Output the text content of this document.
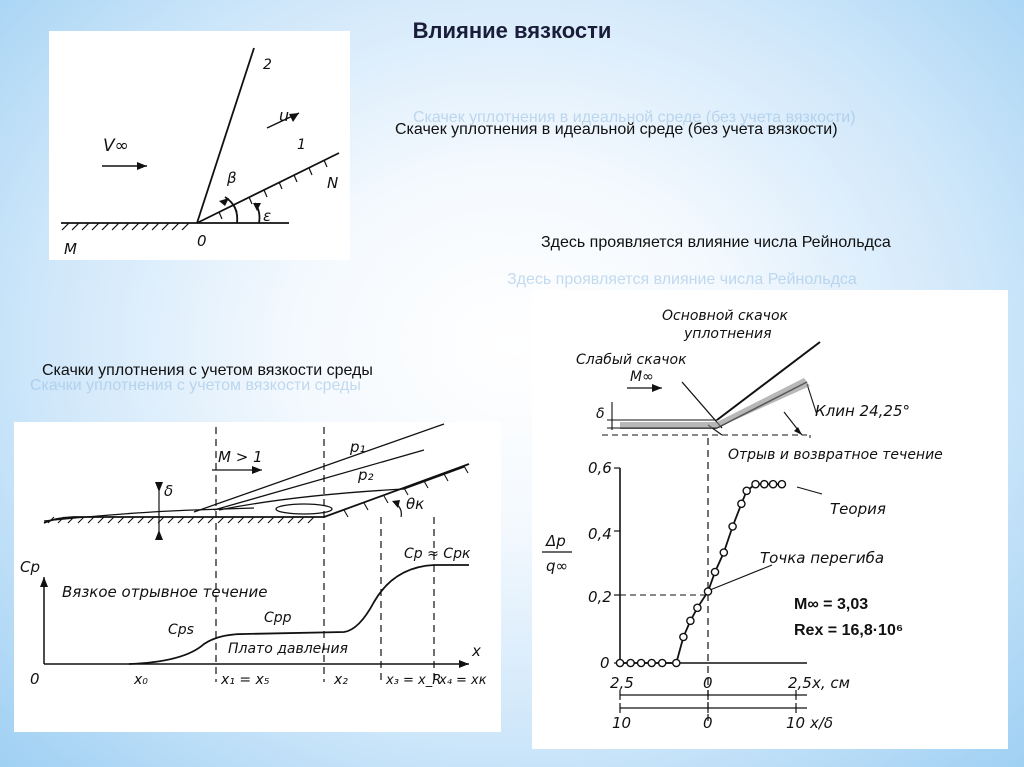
Влияние вязкости
Скачек уплотнения в идеальной среде (без учета вязкости)
Здесь проявляется влияние числа Рейнольдса
Скачки уплотнения с учетом вязкости среды
Скачек уплотнения в идеальной среде (без учета вязкости)
Здесь проявляется влияние числа Рейнольдса
Скачки уплотнения с учетом вязкости среды
V∞
u
β
ε
1
2
N
M	0
M > 1
δ
p₁
p₂
θк
Cp
Cp ≈ Cpк
Вязкое отрывное течение
Cps
Cpp
Плато давления	x
0	x₀	x₁ = x₅	x₂	x₃ = x_R
x₄ = xк
Основной скачок
уплотнения
Слабый скачок
M∞
δ	Клин 24,25°
Отрыв и возвратное течение
Теория
Точка перегиба
M∞ = 3,03
Rex = 16,8·10⁶
Δp
q∞
0,6
0,4
0,2
0
2,5	0	2,5 x, см
10	0	10 x/δ
